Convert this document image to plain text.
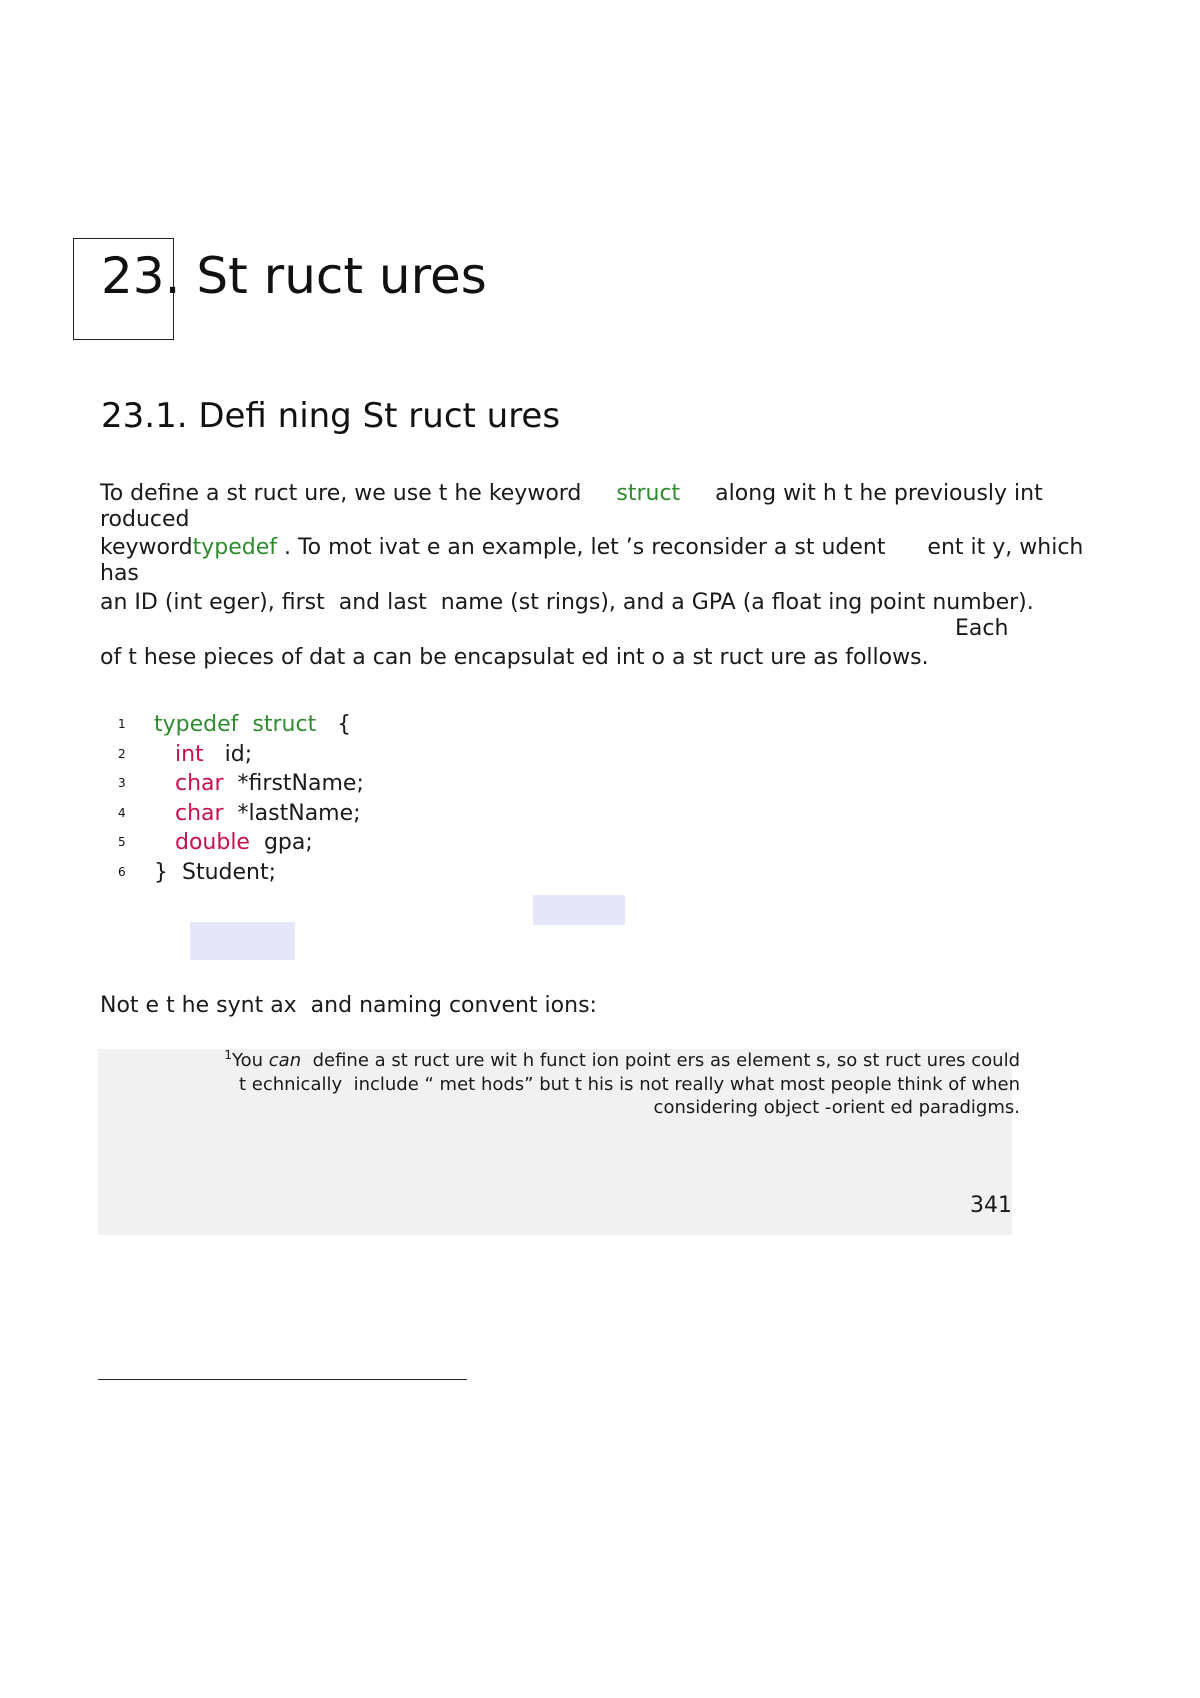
23. St ruct ures
23.1. Defi ning St ruct ures

To define a st ruct ure, we use t he keyword     struct     along wit h t he previously int

roduced

keywordtypedef . To mot ivat e an example, let ’s reconsider a st udent      ent it y, which

has

an ID (int eger), first  and last  name (st rings), and a GPA (a float ing point number).

Each

of t hese pieces of dat a can be encapsulat ed int o a st ruct ure as follows.

1 typedef struct   {
2	int   id;
3	char  *firstName;
4	char  *lastName;
5	double  gpa;
6 }  Student;

Not e t he synt ax  and naming convent ions:

$^1$You can  define a st ruct ure wit h funct ion point ers as element s, so st ruct ures could
t echnically  include “ met hods” but t his is not really what most people think of when
considering object -orient ed paradigms.

341
